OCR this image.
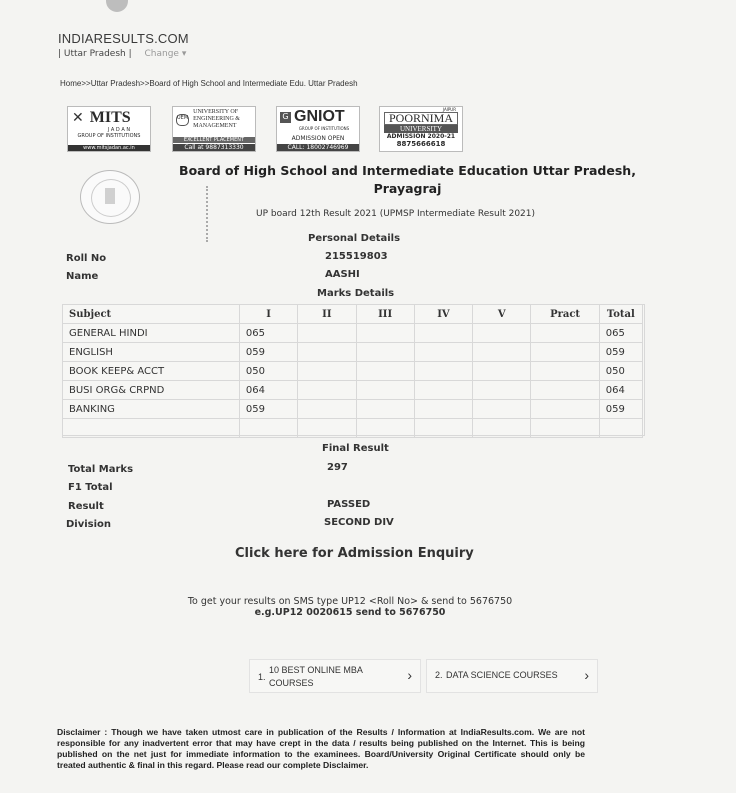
INDIARESULTS.COM
| Uttar Pradesh | Change ▾
Home>>Uttar Pradesh>>Board of High School and Intermediate Edu. Uttar Pradesh
✕ MITS
J A D A N
GROUP OF INSTITUTIONS
www.mitsjadan.ac.in
UEM
UNIVERSITY OF ENGINEERING & MANAGEMENT
EXCELLENT PLACEMENT
Call at 9887313330
G GNIOT
GROUP OF INSTITUTIONS
ADMISSION OPEN
CALL: 18002746969
JAIPUR
POORNIMA
UNIVERSITY
ADMISSION 2020-21
8875666618
Board of High School and Intermediate Education Uttar Pradesh,
Prayagraj
UP board 12th Result 2021 (UPMSP Intermediate Result 2021)
Personal Details
Roll No	215519803
Name	AASHI
Marks Details
Subject	I	II	III	IV	V	Pract	Total
GENERAL HINDI	065						065
ENGLISH	059						059
BOOK KEEP& ACCT	050						050
BUSI ORG& CRPND	064						064
BANKING	059						059

Final Result
Total Marks	297
F1 Total
Result	PASSED
Division	SECOND DIV
Click here for Admission Enquiry
To get your results on SMS type UP12 <Roll No> & send to 5676750
e.g.UP12 0020615 send to 5676750
1.
10 BEST ONLINE MBA
COURSES	›	2. DATA SCIENCE COURSES ›
Disclaimer : Though we have taken utmost care in publication of the Results / Information at IndiaResults.com. We are not responsible for any inadvertent error that may have crept in the data / results being published on the Internet. This is being published on the net just for immediate information to the examinees. Board/University Original Certificate should only be treated authentic & final in this regard. Please read our complete Disclaimer.
